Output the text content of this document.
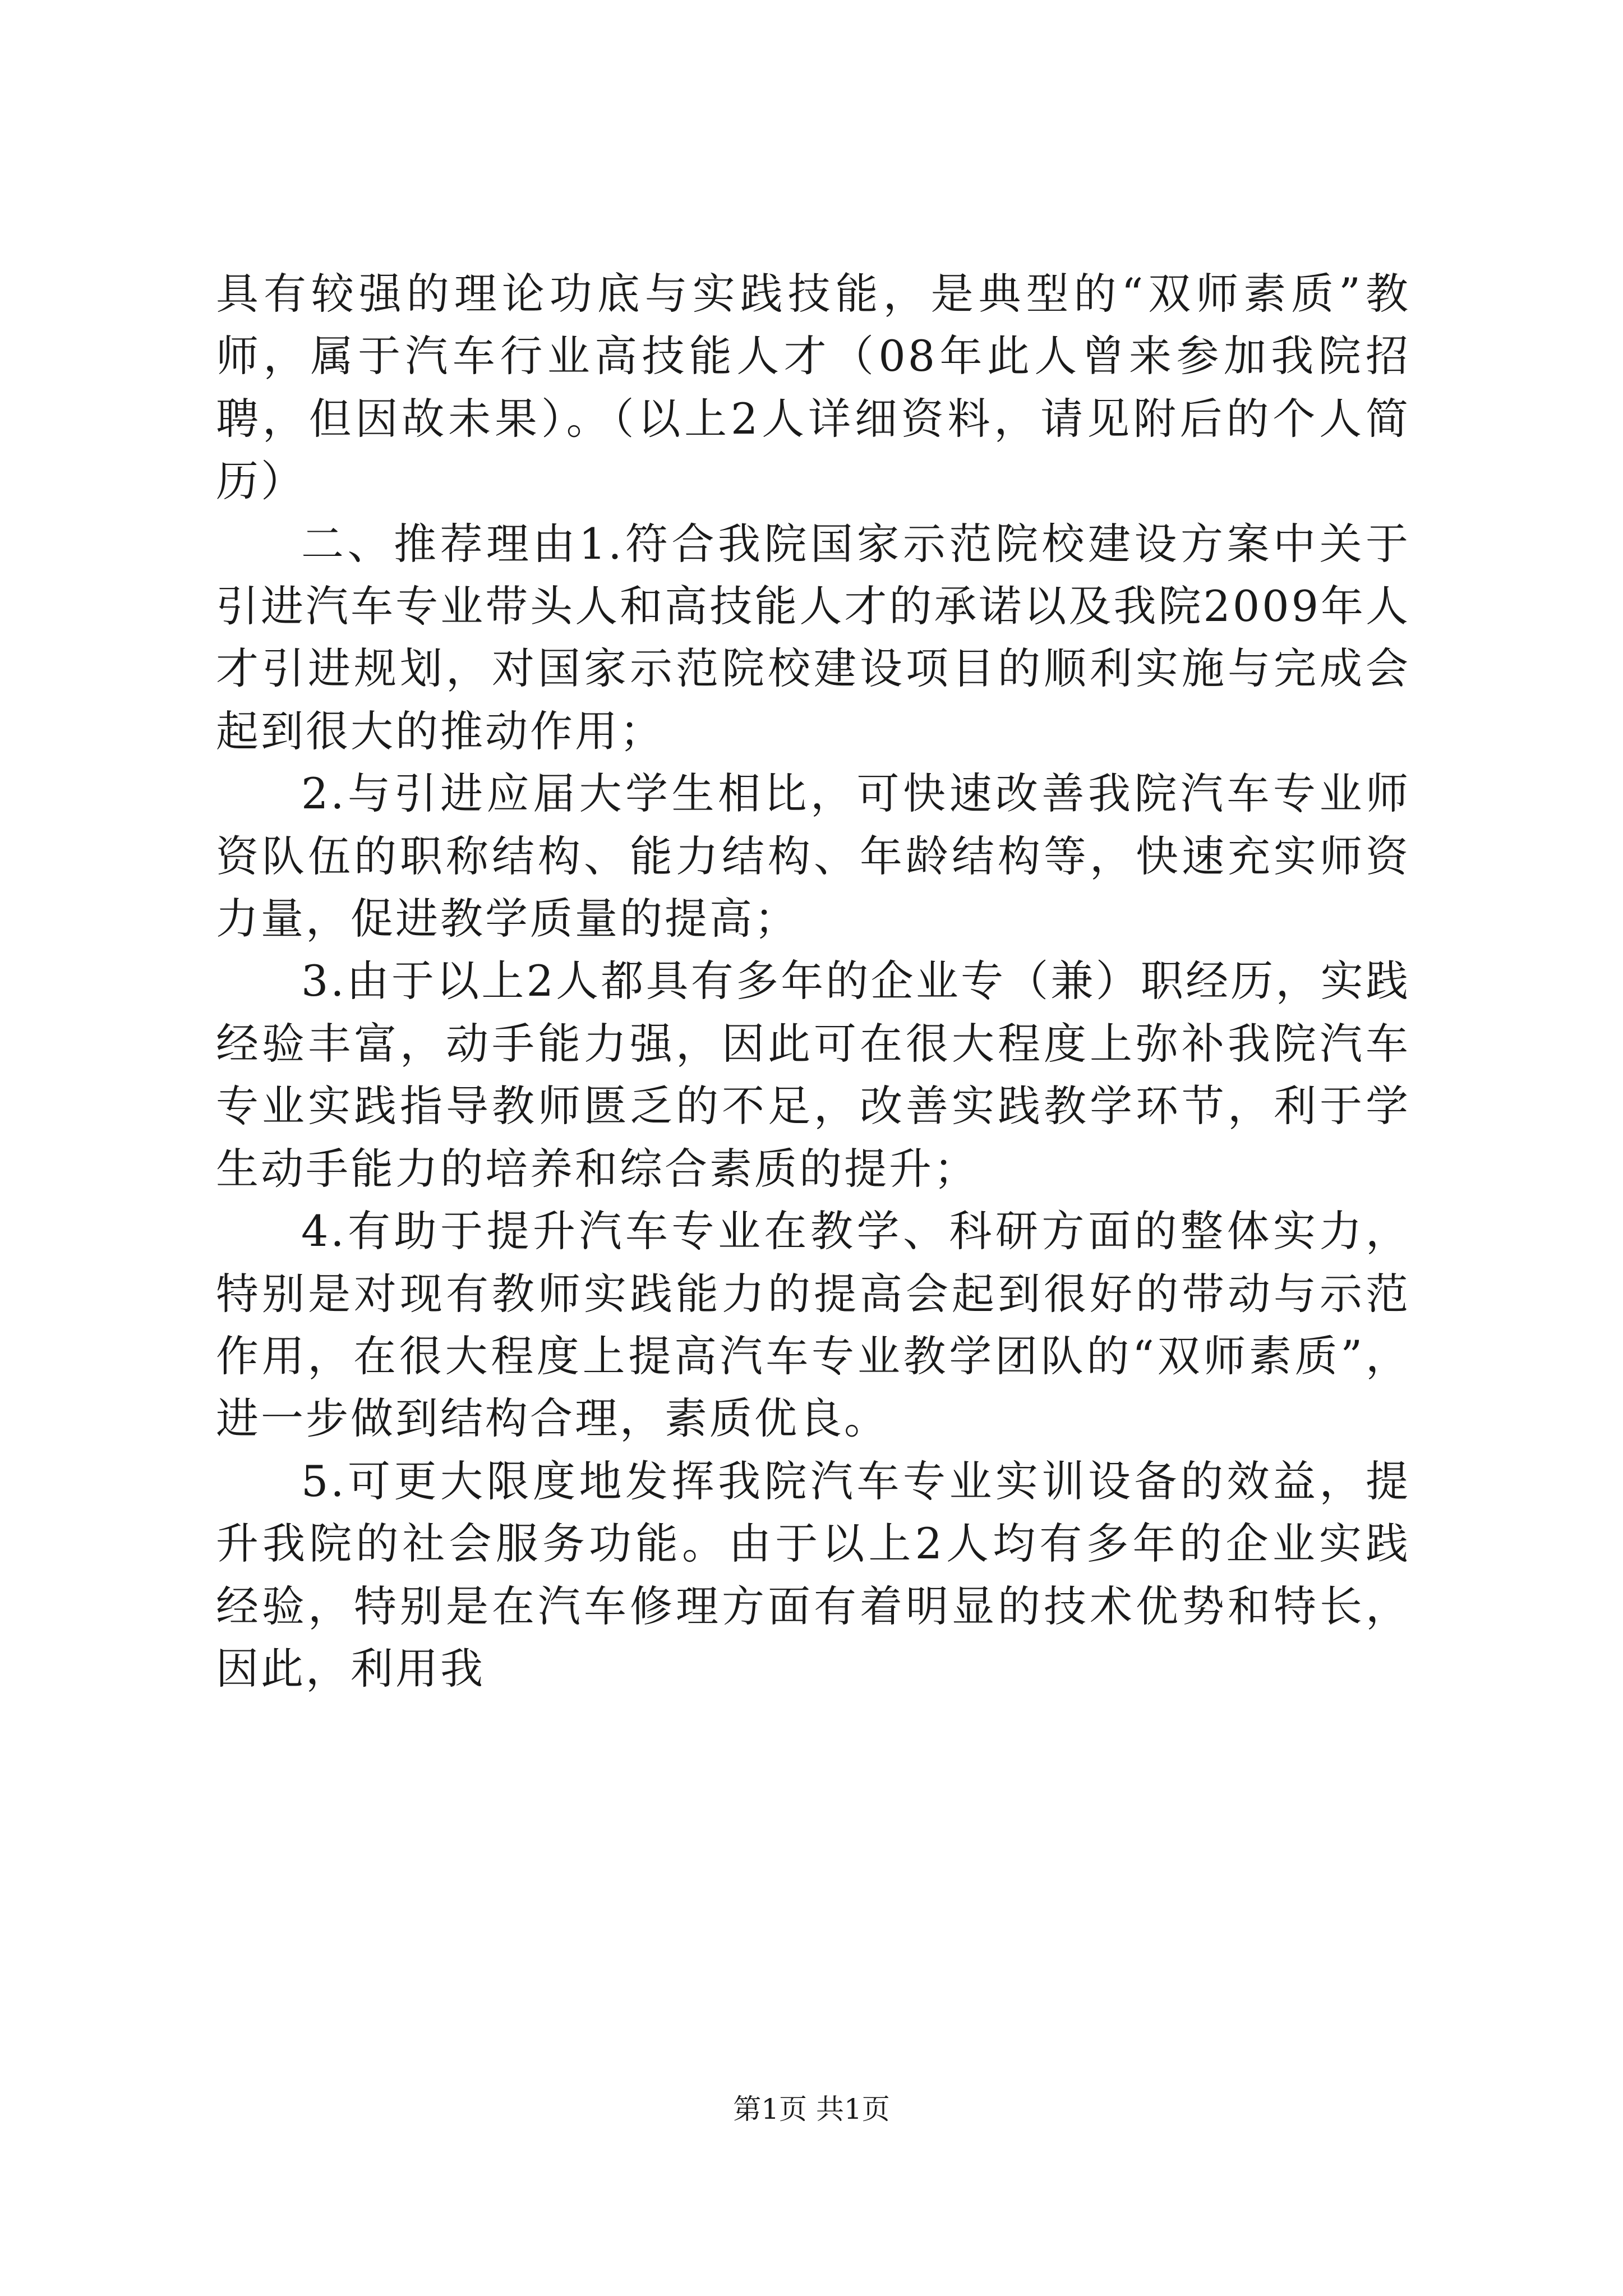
具有较强的理论功底与实践技能，是典型的“双师素质”教师，属于汽车行业高技能人才（08年此人曾来参加我院招聘，但因故未果）。（以上2人详细资料，请见附后的个人简历）

二、推荐理由1.符合我院国家示范院校建设方案中关于引进汽车专业带头人和高技能人才的承诺以及我院2009年人才引进规划，对国家示范院校建设项目的顺利实施与完成会起到很大的推动作用；

2.与引进应届大学生相比，可快速改善我院汽车专业师资队伍的职称结构、能力结构、年龄结构等，快速充实师资力量，促进教学质量的提高；

3.由于以上2人都具有多年的企业专（兼）职经历，实践经验丰富，动手能力强，因此可在很大程度上弥补我院汽车专业实践指导教师匮乏的不足，改善实践教学环节，利于学生动手能力的培养和综合素质的提升；

4.有助于提升汽车专业在教学、科研方面的整体实力，特别是对现有教师实践能力的提高会起到很好的带动与示范作用，在很大程度上提高汽车专业教学团队的“双师素质”，进一步做到结构合理，素质优良。

5.可更大限度地发挥我院汽车专业实训设备的效益，提升我院的社会服务功能。由于以上2人均有多年的企业实践经验，特别是在汽车修理方面有着明显的技术优势和特长，因此，利用我

第1页 共1页
